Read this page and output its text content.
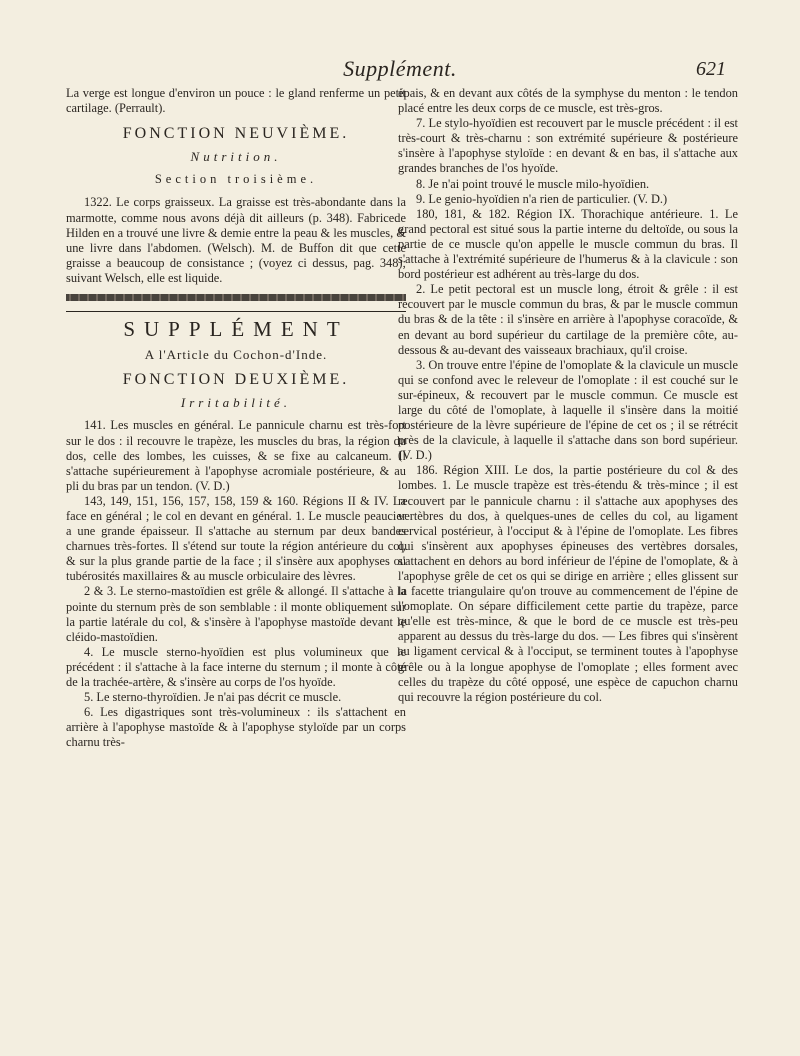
Supplément.	621

La verge est longue d'environ un pouce : le gland renferme un petit cartilage. (Perrault).

FONCTION NEUVIÈME.
Nutrition.
Section troisième.

1322. Le corps graisseux. La graisse est très-abondante dans la marmotte, comme nous avons déjà dit ailleurs (p. 348). Fabricede Hilden en a trouvé une livre & demie entre la peau & les muscles, & une livre dans l'abdomen. (Welsch). M. de Buffon dit que cette graisse a beaucoup de consistance ; (voyez ci dessus, pag. 348); suivant Welsch, elle est liquide.

SUPPLÉMENT
A l'Article du Cochon-d'Inde.
FONCTION DEUXIÈME.
Irritabilité.

141. Les muscles en général. Le pannicule charnu est très-fort sur le dos : il recouvre le trapèze, les muscles du bras, la région du dos, celle des lombes, les cuisses, & se fixe au calcaneum. Il s'attache supérieurement à l'apophyse acromiale postérieure, & au pli du bras par un tendon. (V. D.)

143, 149, 151, 156, 157, 158, 159 & 160. Régions II & IV. La face en général ; le col en devant en général. 1. Le muscle peaucier a une grande épaisseur. Il s'attache au sternum par deux bandes charnues très-fortes. Il s'étend sur toute la région antérieure du col, & sur la plus grande partie de la face ; il s'insère aux apophyses ou tubérosités maxillaires & au muscle orbiculaire des lèvres.

2 & 3. Le sterno-mastoïdien est grêle & allongé. Il s'attache à la pointe du sternum près de son semblable : il monte obliquement sur la partie latérale du col, & s'insère à l'apophyse mastoïde devant le cléido-mastoïdien.

4. Le muscle sterno-hyoïdien est plus volumineux que le précédent : il s'attache à la face interne du sternum ; il monte à côté de la trachée-artère, & s'insère au corps de l'os hyoïde.

5. Le sterno-thyroïdien. Je n'ai pas décrit ce muscle.

6. Les digastriques sont très-volumineux : ils s'attachent en arrière à l'apophyse mastoïde & à l'apophyse styloïde par un corps charnu très-

épais, & en devant aux côtés de la symphyse du menton : le tendon placé entre les deux corps de ce muscle, est très-gros.

7. Le stylo-hyoïdien est recouvert par le muscle précédent : il est très-court & très-charnu : son extrémité supérieure & postérieure s'insère à l'apophyse styloïde : en devant & en bas, il s'attache aux grandes branches de l'os hyoïde.

8. Je n'ai point trouvé le muscle milo-hyoïdien.

9. Le genio-hyoïdien n'a rien de particulier. (V. D.)

180, 181, & 182. Région IX. Thorachique antérieure. 1. Le grand pectoral est situé sous la partie interne du deltoïde, ou sous la partie de ce muscle qu'on appelle le muscle commun du bras. Il s'attache à l'extrémité supérieure de l'humerus & à la clavicule : son bord postérieur est adhérent au très-large du dos.

2. Le petit pectoral est un muscle long, étroit & grêle : il est recouvert par le muscle commun du bras, & par le muscle commun du bras & de la tête : il s'insère en arrière à l'apophyse coracoïde, & en devant au bord supérieur du cartilage de la première côte, au-dessous & au-devant des vaisseaux brachiaux, qu'il croise.

3. On trouve entre l'épine de l'omoplate & la clavicule un muscle qui se confond avec le releveur de l'omoplate : il est couché sur le sur-épineux, & recouvert par le muscle commun. Ce muscle est large du côté de l'omoplate, à laquelle il s'insère dans la moitié postérieure de la lèvre supérieure de l'épine de cet os ; il se rétrécit près de la clavicule, à laquelle il s'attache dans son bord supérieur. (V. D.)

186. Région XIII. Le dos, la partie postérieure du col & des lombes. 1. Le muscle trapèze est très-étendu & très-mince ; il est recouvert par le pannicule charnu : il s'attache aux apophyses des vertèbres du dos, à quelques-unes de celles du col, au ligament cervical postérieur, à l'occiput & à l'épine de l'omoplate. Les fibres qui s'insèrent aux apophyses épineuses des vertèbres dorsales, s'attachent en dehors au bord inférieur de l'épine de l'omoplate, & à l'apophyse grêle de cet os qui se dirige en arrière ; elles glissent sur la facette triangulaire qu'on trouve au commencement de l'épine de l'omoplate. On sépare difficilement cette partie du trapèze, parce qu'elle est très-mince, & que le bord de ce muscle est très-peu apparent au dessus du très-large du dos. — Les fibres qui s'insèrent au ligament cervical & à l'occiput, se terminent toutes à l'apophyse grêle ou à la longue apophyse de l'omoplate ; elles forment avec celles du trapèze du côté opposé, une espèce de capuchon charnu qui recouvre la région postérieure du col.
